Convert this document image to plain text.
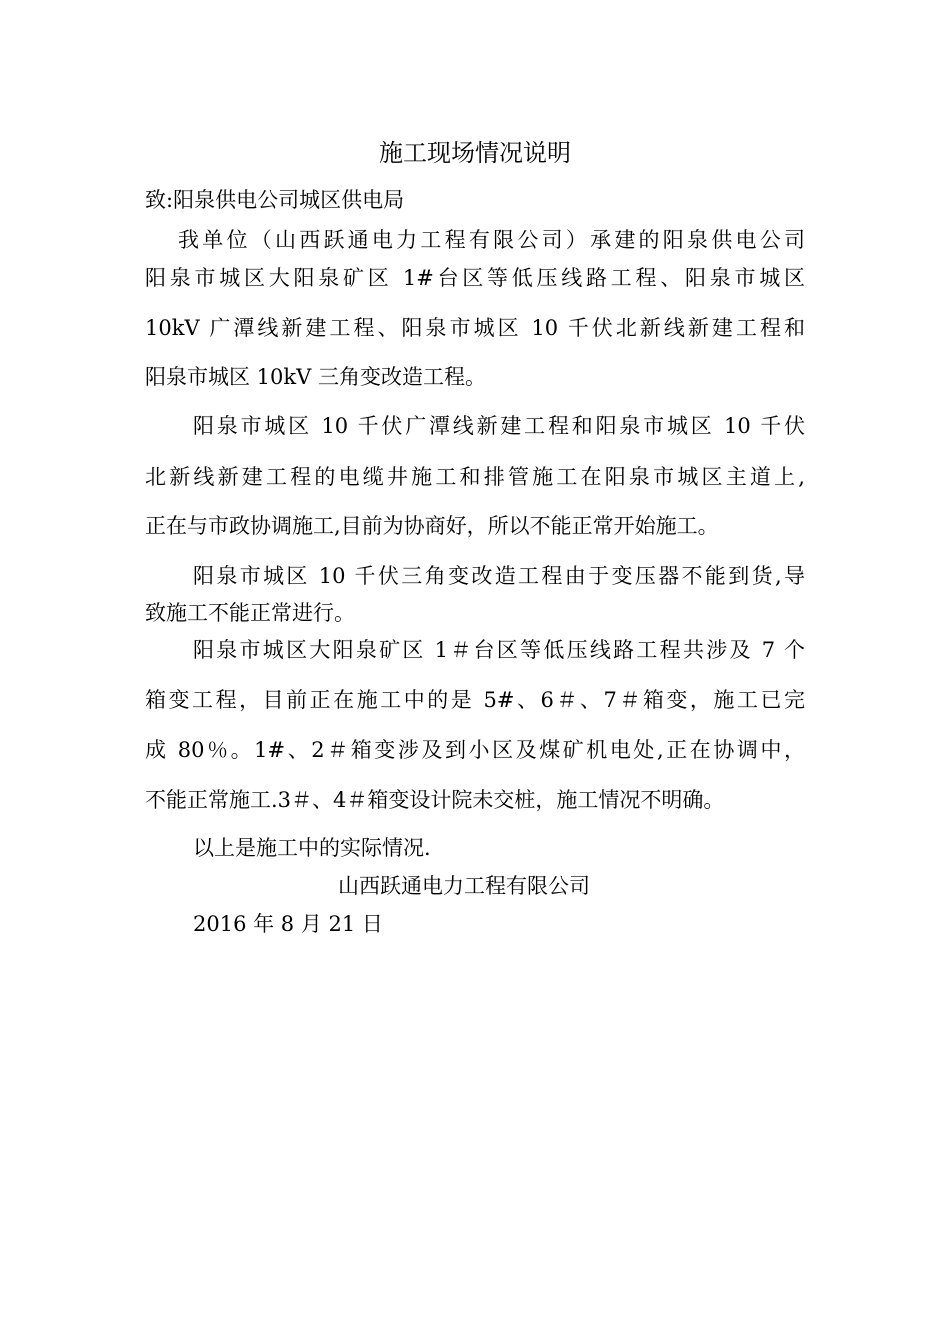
施工现场情况说明
致:阳泉供电公司城区供电局
我单位（山西跃通电力工程有限公司）承建的阳泉供电公司
阳泉市城区大阳泉矿区 1#台区等低压线路工程、阳泉市城区
10kV 广潭线新建工程、阳泉市城区 10 千伏北新线新建工程和
阳泉市城区 10kV 三角变改造工程。
阳泉市城区 10 千伏广潭线新建工程和阳泉市城区 10 千伏
北新线新建工程的电缆井施工和排管施工在阳泉市城区主道上,
正在与市政协调施工,目前为协商好，所以不能正常开始施工。
阳泉市城区 10 千伏三角变改造工程由于变压器不能到货,导
致施工不能正常进行。
阳泉市城区大阳泉矿区 1＃台区等低压线路工程共涉及 7 个
箱变工程，目前正在施工中的是 5#、6＃、7＃箱变，施工已完
成 80％。1#、2＃箱变涉及到小区及煤矿机电处,正在协调中，
不能正常施工.3＃、4＃箱变设计院未交桩，施工情况不明确。
以上是施工中的实际情况.
山西跃通电力工程有限公司
2016 年 8 月 21 日
